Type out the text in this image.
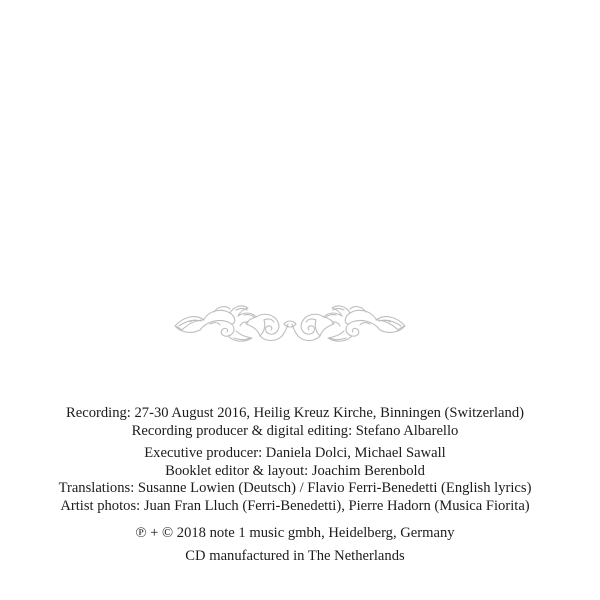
Recording: 27-30 August 2016, Heilig Kreuz Kirche, Binningen (Switzerland)
Recording producer & digital editing: Stefano Albarello
Executive producer: Daniela Dolci, Michael Sawall
Booklet editor & layout: Joachim Berenbold
Translations: Susanne Lowien (Deutsch) / Flavio Ferri-Benedetti (English lyrics)
Artist photos: Juan Fran Lluch (Ferri-Benedetti), Pierre Hadorn (Musica Fiorita)
℗ + © 2018 note 1 music gmbh, Heidelberg, Germany
CD manufactured in The Netherlands
